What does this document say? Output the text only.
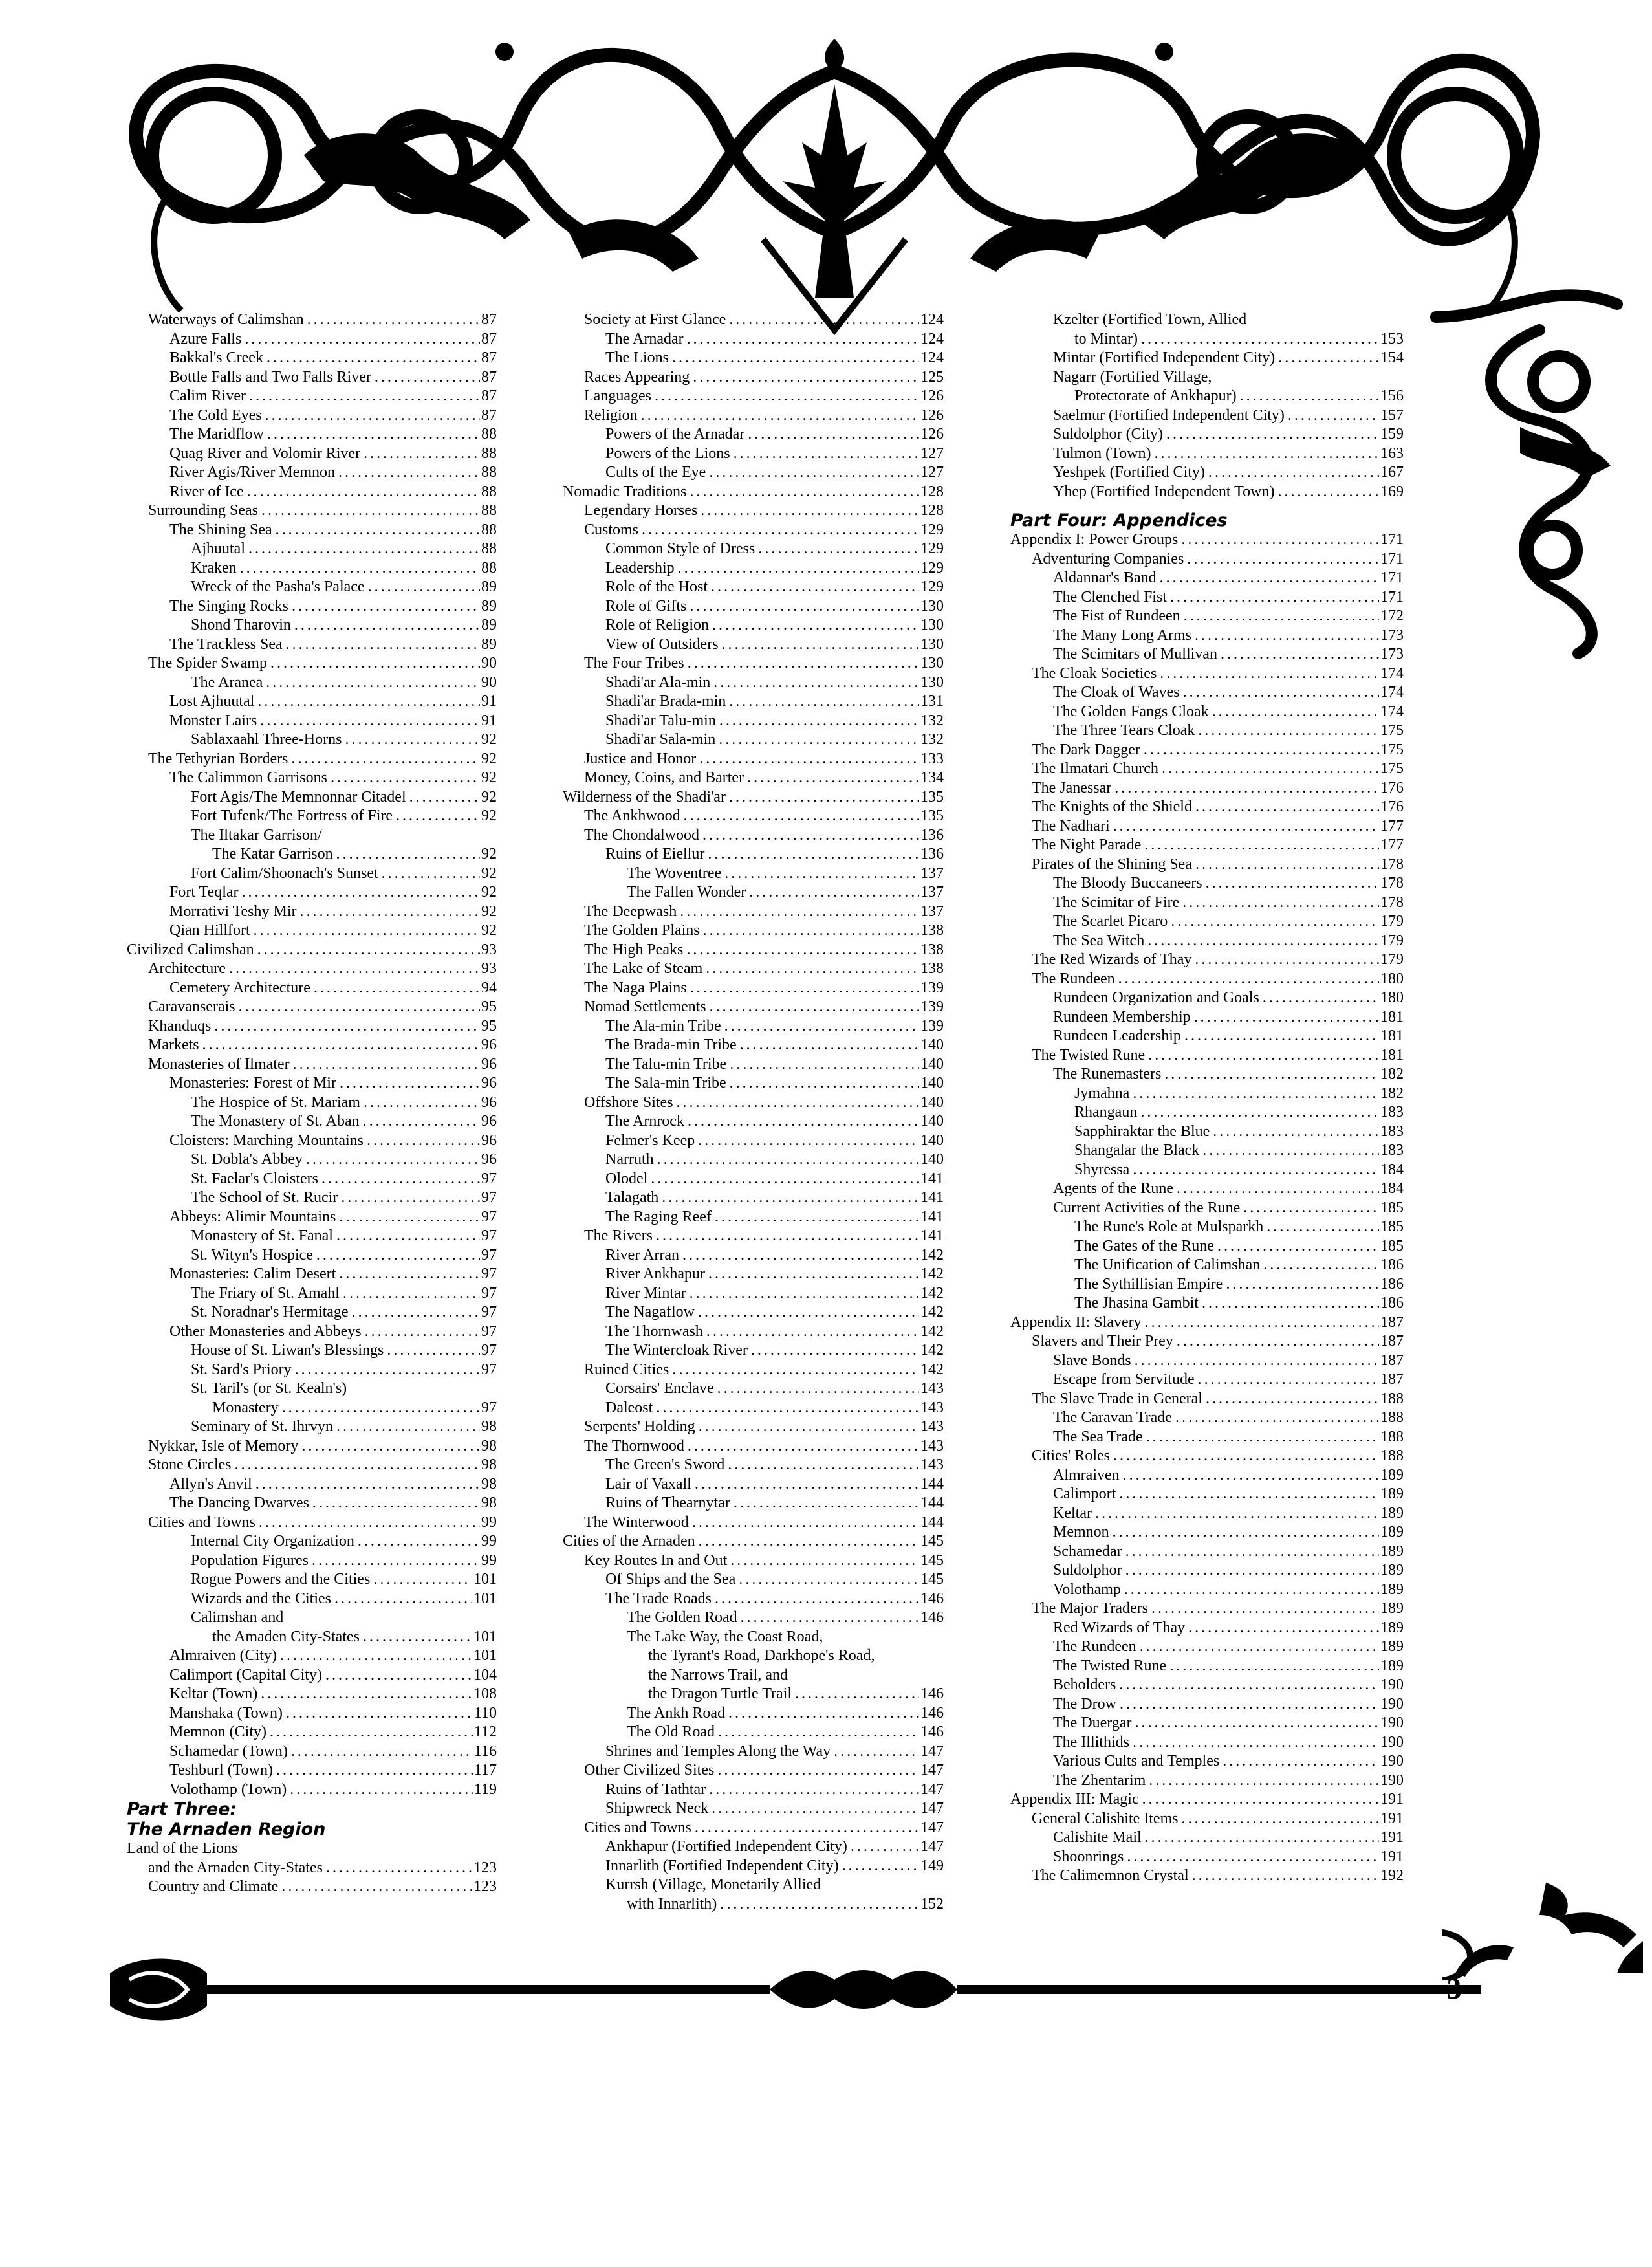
3
Waterways of Calimshan . . .	87
Azure Falls . . .	87
Bakkal's Creek . . .	87
Bottle Falls and Two Falls River . . .	87
Calim River . . .	87
The Cold Eyes . . .	87
The Maridflow . . .	88
Quag River and Volomir River . . .	88
River Agis/River Memnon . . .	88
River of Ice . . .	88
Surrounding Seas . . .	88
The Shining Sea . . .	88
Ajhuutal . . .	88
Kraken . . .	88
Wreck of the Pasha's Palace . . .	89
The Singing Rocks . . .	89
Shond Tharovin . . .	89
The Trackless Sea . . .	89
The Spider Swamp . . .	90
The Aranea . . .	90
Lost Ajhuutal . . .	91
Monster Lairs . . .	91
Sablaxaahl Three-Horns . . .	92
The Tethyrian Borders . . .	92
The Calimmon Garrisons . . .	92
Fort Agis/The Memnonnar Citadel . . .	92
Fort Tufenk/The Fortress of Fire . . .	92
The Iltakar Garrison/
The Katar Garrison . . .	92
Fort Calim/Shoonach's Sunset . . .	92
Fort Teqlar . . .	92
Morrativi Teshy Mir . . .	92
Qian Hillfort . . .	92
Civilized Calimshan . . .	93
Architecture . . .	93
Cemetery Architecture . . .	94
Caravanserais . . .	95
Khanduqs . . .	95
Markets . . .	96
Monasteries of Ilmater . . .	96
Monasteries: Forest of Mir . . .	96
The Hospice of St. Mariam . . .	96
The Monastery of St. Aban . . .	96
Cloisters: Marching Mountains . . .	96
St. Dobla's Abbey . . .	96
St. Faelar's Cloisters . . .	97
The School of St. Rucir . . .	97
Abbeys: Alimir Mountains . . .	97
Monastery of St. Fanal . . .	97
St. Wityn's Hospice . . .	97
Monasteries: Calim Desert . . .	97
The Friary of St. Amahl . . .	97
St. Noradnar's Hermitage . . .	97
Other Monasteries and Abbeys . . .	97
House of St. Liwan's Blessings . . .	97
St. Sard's Priory . . .	97
St. Taril's (or St. Kealn's)
Monastery . . .	97
Seminary of St. Ihrvyn . . .	98
Nykkar, Isle of Memory . . .	98
Stone Circles . . .	98
Allyn's Anvil . . .	98
The Dancing Dwarves . . .	98
Cities and Towns . . .	99
Internal City Organization . . .	99
Population Figures . . .	99
Rogue Powers and the Cities . . .	101
Wizards and the Cities . . .	101
Calimshan and
the Amaden City-States . . .	101
Almraiven (City) . . .	101
Calimport (Capital City) . . .	104
Keltar (Town) . . .	108
Manshaka (Town) . . .	110
Memnon (City) . . .	112
Schamedar (Town) . . .	116
Teshburl (Town) . . .	117
Volothamp (Town) . . .	119
Part Three:
The Arnaden Region
Land of the Lions
and the Arnaden City-States . . .	123
Country and Climate . . .	123
Society at First Glance . . .	124
The Arnadar . . .	124
The Lions . . .	124
Races Appearing . . .	125
Languages . . .	126
Religion . . .	126
Powers of the Arnadar . . .	126
Powers of the Lions . . .	127
Cults of the Eye . . .	127
Nomadic Traditions . . .	128
Legendary Horses . . .	128
Customs . . .	129
Common Style of Dress . . .	129
Leadership . . .	129
Role of the Host . . .	129
Role of Gifts . . .	130
Role of Religion . . .	130
View of Outsiders . . .	130
The Four Tribes . . .	130
Shadi'ar Ala-min . . .	130
Shadi'ar Brada-min . . .	131
Shadi'ar Talu-min . . .	132
Shadi'ar Sala-min . . .	132
Justice and Honor . . .	133
Money, Coins, and Barter . . .	134
Wilderness of the Shadi'ar . . .	135
The Ankhwood . . .	135
The Chondalwood . . .	136
Ruins of Eiellur . . .	136
The Woventree . . .	137
The Fallen Wonder . . .	137
The Deepwash . . .	137
The Golden Plains . . .	138
The High Peaks . . .	138
The Lake of Steam . . .	138
The Naga Plains . . .	139
Nomad Settlements . . .	139
The Ala-min Tribe . . .	139
The Brada-min Tribe . . .	140
The Talu-min Tribe . . .	140
The Sala-min Tribe . . .	140
Offshore Sites . . .	140
The Arnrock . . .	140
Felmer's Keep . . .	140
Narruth . . .	140
Olodel . . .	141
Talagath . . .	141
The Raging Reef . . .	141
The Rivers . . .	141
River Arran . . .	142
River Ankhapur . . .	142
River Mintar . . .	142
The Nagaflow . . .	142
The Thornwash . . .	142
The Wintercloak River . . .	142
Ruined Cities . . .	142
Corsairs' Enclave . . .	143
Daleost . . .	143
Serpents' Holding . . .	143
The Thornwood . . .	143
The Green's Sword . . .	143
Lair of Vaxall . . .	144
Ruins of Thearnytar . . .	144
The Winterwood . . .	144
Cities of the Arnaden . . .	145
Key Routes In and Out . . .	145
Of Ships and the Sea . . .	145
The Trade Roads . . .	146
The Golden Road . . .	146
The Lake Way, the Coast Road,
the Tyrant's Road, Darkhope's Road,
the Narrows Trail, and
the Dragon Turtle Trail . . .	146
The Ankh Road . . .	146
The Old Road . . .	146
Shrines and Temples Along the Way . . .	147
Other Civilized Sites . . .	147
Ruins of Tathtar . . .	147
Shipwreck Neck . . .	147
Cities and Towns . . .	147
Ankhapur (Fortified Independent City) . . .	147
Innarlith (Fortified Independent City) . . .	149
Kurrsh (Village, Monetarily Allied
with Innarlith) . . .	152
Kzelter (Fortified Town, Allied
to Mintar) . . .	153
Mintar (Fortified Independent City) . . .	154
Nagarr (Fortified Village,
Protectorate of Ankhapur) . . .	156
Saelmur (Fortified Independent City) . . .	157
Suldolphor (City) . . .	159
Tulmon (Town) . . .	163
Yeshpek (Fortified City) . . .	167
Yhep (Fortified Independent Town) . . .	169
Part Four: Appendices
Appendix I: Power Groups . . .	171
Adventuring Companies . . .	171
Aldannar's Band . . .	171
The Clenched Fist . . .	171
The Fist of Rundeen . . .	172
The Many Long Arms . . .	173
The Scimitars of Mullivan . . .	173
The Cloak Societies . . .	174
The Cloak of Waves . . .	174
The Golden Fangs Cloak . . .	174
The Three Tears Cloak . . .	175
The Dark Dagger . . .	175
The Ilmatari Church . . .	175
The Janessar . . .	176
The Knights of the Shield . . .	176
The Nadhari . . .	177
The Night Parade . . .	177
Pirates of the Shining Sea . . .	178
The Bloody Buccaneers . . .	178
The Scimitar of Fire . . .	178
The Scarlet Picaro . . .	179
The Sea Witch . . .	179
The Red Wizards of Thay . . .	179
The Rundeen . . .	180
Rundeen Organization and Goals . . .	180
Rundeen Membership . . .	181
Rundeen Leadership . . .	181
The Twisted Rune . . .	181
The Runemasters . . .	182
Jymahna . . .	182
Rhangaun . . .	183
Sapphiraktar the Blue . . .	183
Shangalar the Black . . .	183
Shyressa . . .	184
Agents of the Rune . . .	184
Current Activities of the Rune . . .	185
The Rune's Role at Mulsparkh . . .	185
The Gates of the Rune . . .	185
The Unification of Calimshan . . .	186
The Sythillisian Empire . . .	186
The Jhasina Gambit . . .	186
Appendix II: Slavery . . .	187
Slavers and Their Prey . . .	187
Slave Bonds . . .	187
Escape from Servitude . . .	187
The Slave Trade in General . . .	188
The Caravan Trade . . .	188
The Sea Trade . . .	188
Cities' Roles . . .	188
Almraiven . . .	189
Calimport . . .	189
Keltar . . .	189
Memnon . . .	189
Schamedar . . .	189
Suldolphor . . .	189
Volothamp . . .	189
The Major Traders . . .	189
Red Wizards of Thay . . .	189
The Rundeen . . .	189
The Twisted Rune . . .	189
Beholders . . .	190
The Drow . . .	190
The Duergar . . .	190
The Illithids . . .	190
Various Cults and Temples . . .	190
The Zhentarim . . .	190
Appendix III: Magic . . .	191
General Calishite Items . . .	191
Calishite Mail . . .	191
Shoonrings . . .	191
The Calimemnon Crystal . . .	192
